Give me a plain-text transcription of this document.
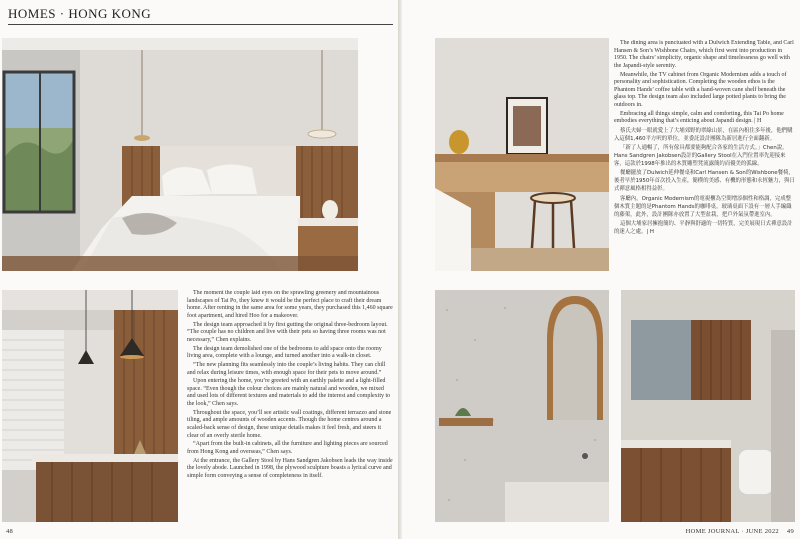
HOMES · HONG KONG

The moment the couple laid eyes on the sprawling greenery and mountainous landscapes of Tai Po, they knew it would be the perfect place to craft their dream home. After renting in the same area for some years, they purchased this 1,460 square foot apartment, and hired Hoo for a makeover.

The design team approached it by first gutting the original three-bedroom layout. “The couple has no children and live with their pets so having three rooms was not necessary,” Chen explains.

The design team demolished one of the bedrooms to add space onto the roomy living area, complete with a lounge, and turned another into a walk-in closet.

“The new planning fits seamlessly into the couple’s living habits. They can chill and relax during leisure times, with enough space for their pets to move around.”

Upon entering the home, you’re greeted with an earthly palette and a light-filled space. “Even though the colour choices are mainly natural and wooden, we mixed and used lots of different textures and materials to add the interest and complexity to the look,” Chen says.

Throughout the space, you’ll see artistic wall coatings, different terrazzo and stone tiling, and ample amounts of wooden accents. Though the home centres around a scaled-back sense of design, these unique details makes it feel fresh, and steers it clear of an overly sterile home.

“Apart from the built-in cabinets, all the furniture and lighting pieces are sourced from Hong Kong and overseas,” Chen says.

At the entrance, the Gallery Stool by Hans Sandgren Jakobsen leads the way inside the lovely abode. Launched in 1998, the plywood sculpture boasts a lyrical curve and simple form conveying a sense of completeness in itself.

48

The dining area is punctuated with a Dulwich Extending Table, and Carl Hansen & Son’s Wishbone Chairs, which first went into production in 1950. The chairs’ simplicity, organic shape and timelessness go well with the Japandi-style serenity.

Meanwhile, the TV cabinet from Organic Modernism adds a touch of personality and sophistication. Completing the wooden ethos is the Phantom Hands’ coffee table with a hand-woven cane shelf beneath the glass top. The design team also included large potted plants to bring the outdoors in.

Embracing all things simple, calm and comforting, this Tai Po home embodies everything that’s enticing about Japandi design. | H

蔡氏夫婦一眼就愛上了大埔郊野的翠綠山景，在區內租住多年後，他們購入這個1,460平方呎的單位，並委託設計團隊為新居進行全面翻新。

「新了人通暢了，所有傢具都要能夠配合各家的生活方式。」Chen說。Hans Sandgren Jakobsen設計的Gallery Stool在入門位置率先迎接來客，這款於1998年推出的木質雕塑凳流露簡約而優美的弧線。

餐廳擺放了Dulwich延伸餐桌和Carl Hansen & Son的Wishbone餐椅，後者早於1950年首次投入生產，簡樸的美感、有機的形態和永恆魅力，與日式禪意風格相得益彰。

客廳內，Organic Modernism的電視櫃為空間增添個性和格調，完成整個木質主題的是Phantom Hands的咖啡桌，玻璃桌面下設有一層人手編織的藤架，此外，設計團隊亦放置了大型盆栽，把戶外氣氛帶進室內。

這個大埔家居擁抱簡約、平靜與舒適的一切特質，完美展現日式禪意設計的迷人之處。| H

HOME JOURNAL · JUNE 2022 49
